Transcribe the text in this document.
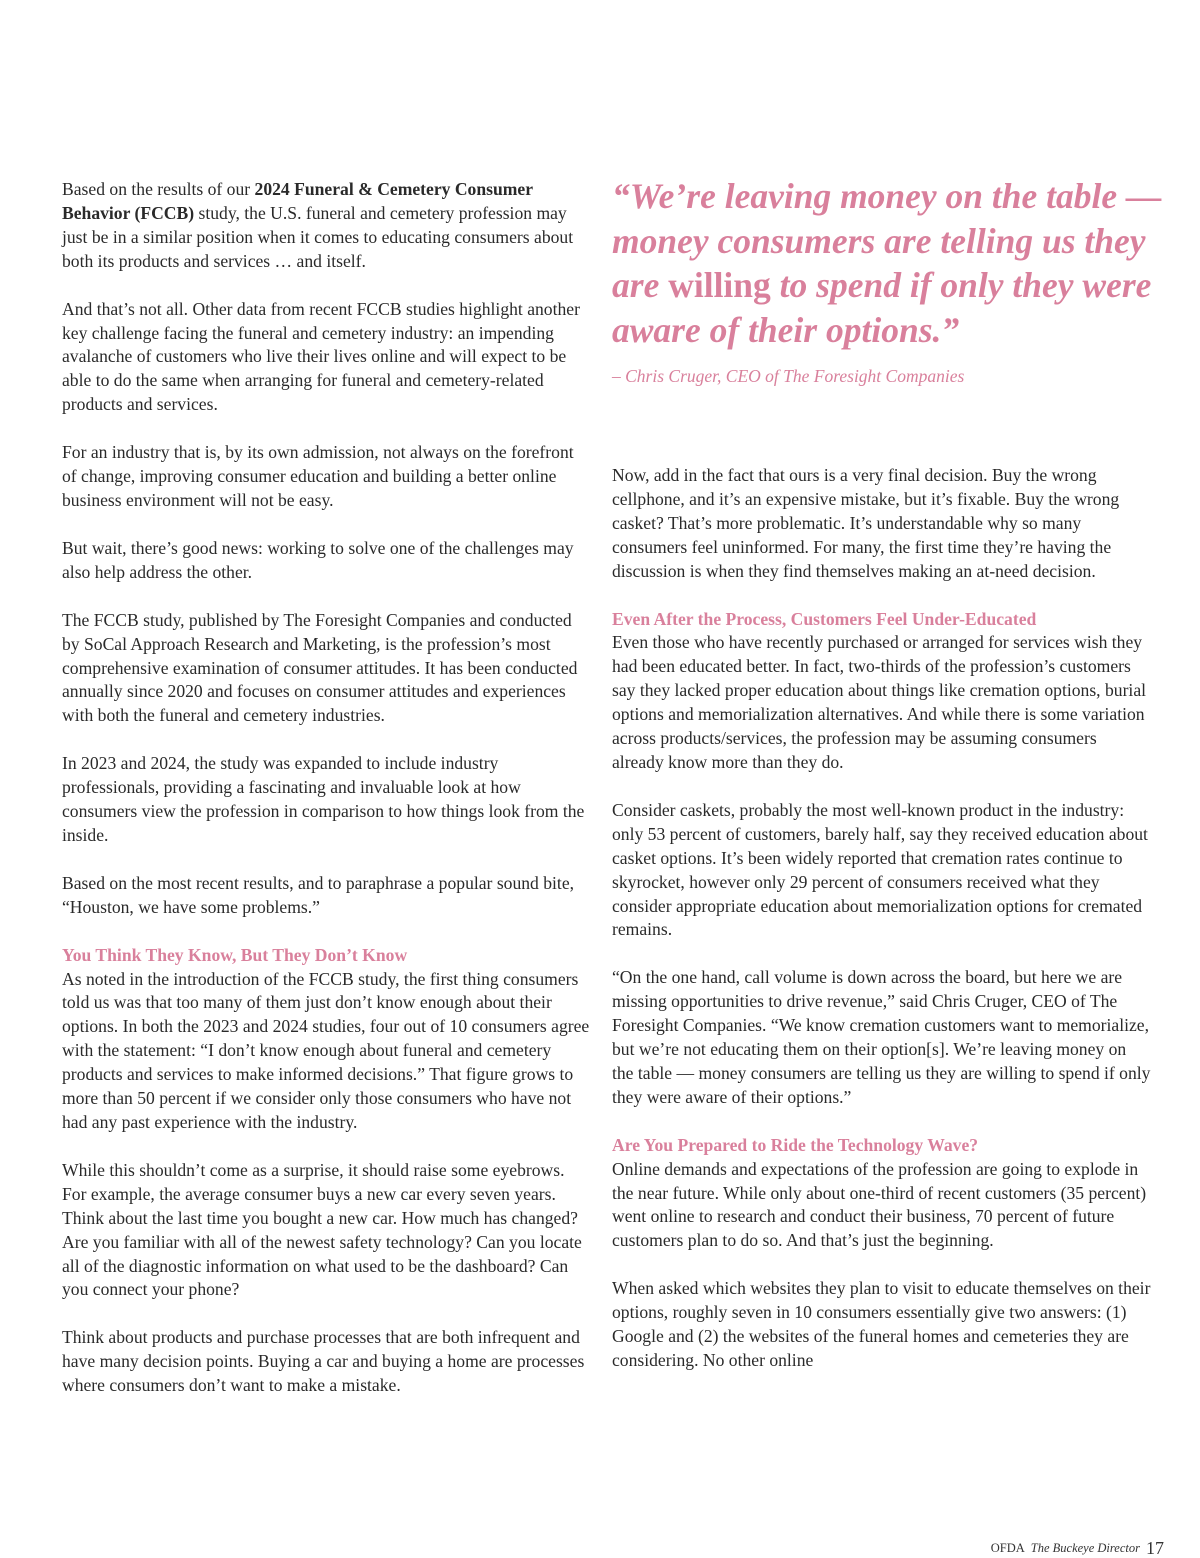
Based on the results of our 2024 Funeral & Cemetery Consumer Behavior (FCCB) study, the U.S. funeral and cemetery profession may just be in a similar position when it comes to educating consumers about both its products and services … and itself.

And that’s not all. Other data from recent FCCB studies highlight another key challenge facing the funeral and cemetery industry: an impending avalanche of customers who live their lives online and will expect to be able to do the same when arranging for funeral and cemetery-related products and services.

For an industry that is, by its own admission, not always on the forefront of change, improving consumer education and building a better online business environment will not be easy.

But wait, there’s good news: working to solve one of the challenges may also help address the other.

The FCCB study, published by The Foresight Companies and conducted by SoCal Approach Research and Marketing, is the profession’s most comprehensive examination of consumer attitudes. It has been conducted annually since 2020 and focuses on consumer attitudes and experiences with both the funeral and cemetery industries.

In 2023 and 2024, the study was expanded to include industry professionals, providing a fascinating and invaluable look at how consumers view the profession in comparison to how things look from the inside.

Based on the most recent results, and to paraphrase a popular sound bite, “Houston, we have some problems.”

You Think They Know, But They Don’t Know
As noted in the introduction of the FCCB study, the first thing consumers told us was that too many of them just don’t know enough about their options. In both the 2023 and 2024 studies, four out of 10 consumers agree with the statement: “I don’t know enough about funeral and cemetery products and services to make informed decisions.” That figure grows to more than 50 percent if we consider only those consumers who have not had any past experience with the industry.

While this shouldn’t come as a surprise, it should raise some eyebrows. For example, the average consumer buys a new car every seven years. Think about the last time you bought a new car. How much has changed? Are you familiar with all of the newest safety technology? Can you locate all of the diagnostic information on what used to be the dashboard? Can you connect your phone?

Think about products and purchase processes that are both infrequent and have many decision points. Buying a car and buying a home are processes where consumers don’t want to make a mistake.

“We’re leaving money on the table — money consumers are telling us they are willing to spend if only they were aware of their options.”

– Chris Cruger, CEO of The Foresight Companies

Now, add in the fact that ours is a very final decision. Buy the wrong cellphone, and it’s an expensive mistake, but it’s fixable. Buy the wrong casket? That’s more problematic. It’s understandable why so many consumers feel uninformed. For many, the first time they’re having the discussion is when they find themselves making an at-need decision.

Even After the Process, Customers Feel Under-Educated
Even those who have recently purchased or arranged for services wish they had been educated better. In fact, two-thirds of the profession’s customers say they lacked proper education about things like cremation options, burial options and memorialization alternatives. And while there is some variation across products/services, the profession may be assuming consumers already know more than they do.

Consider caskets, probably the most well-known product in the industry: only 53 percent of customers, barely half, say they received education about casket options. It’s been widely reported that cremation rates continue to skyrocket, however only 29 percent of consumers received what they consider appropriate education about memorialization options for cremated remains.

“On the one hand, call volume is down across the board, but here we are missing opportunities to drive revenue,” said Chris Cruger, CEO of The Foresight Companies. “We know cremation customers want to memorialize, but we’re not educating them on their option[s]. We’re leaving money on the table — money consumers are telling us they are willing to spend if only they were aware of their options.”

Are You Prepared to Ride the Technology Wave?
Online demands and expectations of the profession are going to explode in the near future. While only about one-third of recent customers (35 percent) went online to research and conduct their business, 70 percent of future customers plan to do so. And that’s just the beginning.

When asked which websites they plan to visit to educate themselves on their options, roughly seven in 10 consumers essentially give two answers: (1) Google and (2) the websites of the funeral homes and cemeteries they are considering. No other online

OFDA The Buckeye Director 17
